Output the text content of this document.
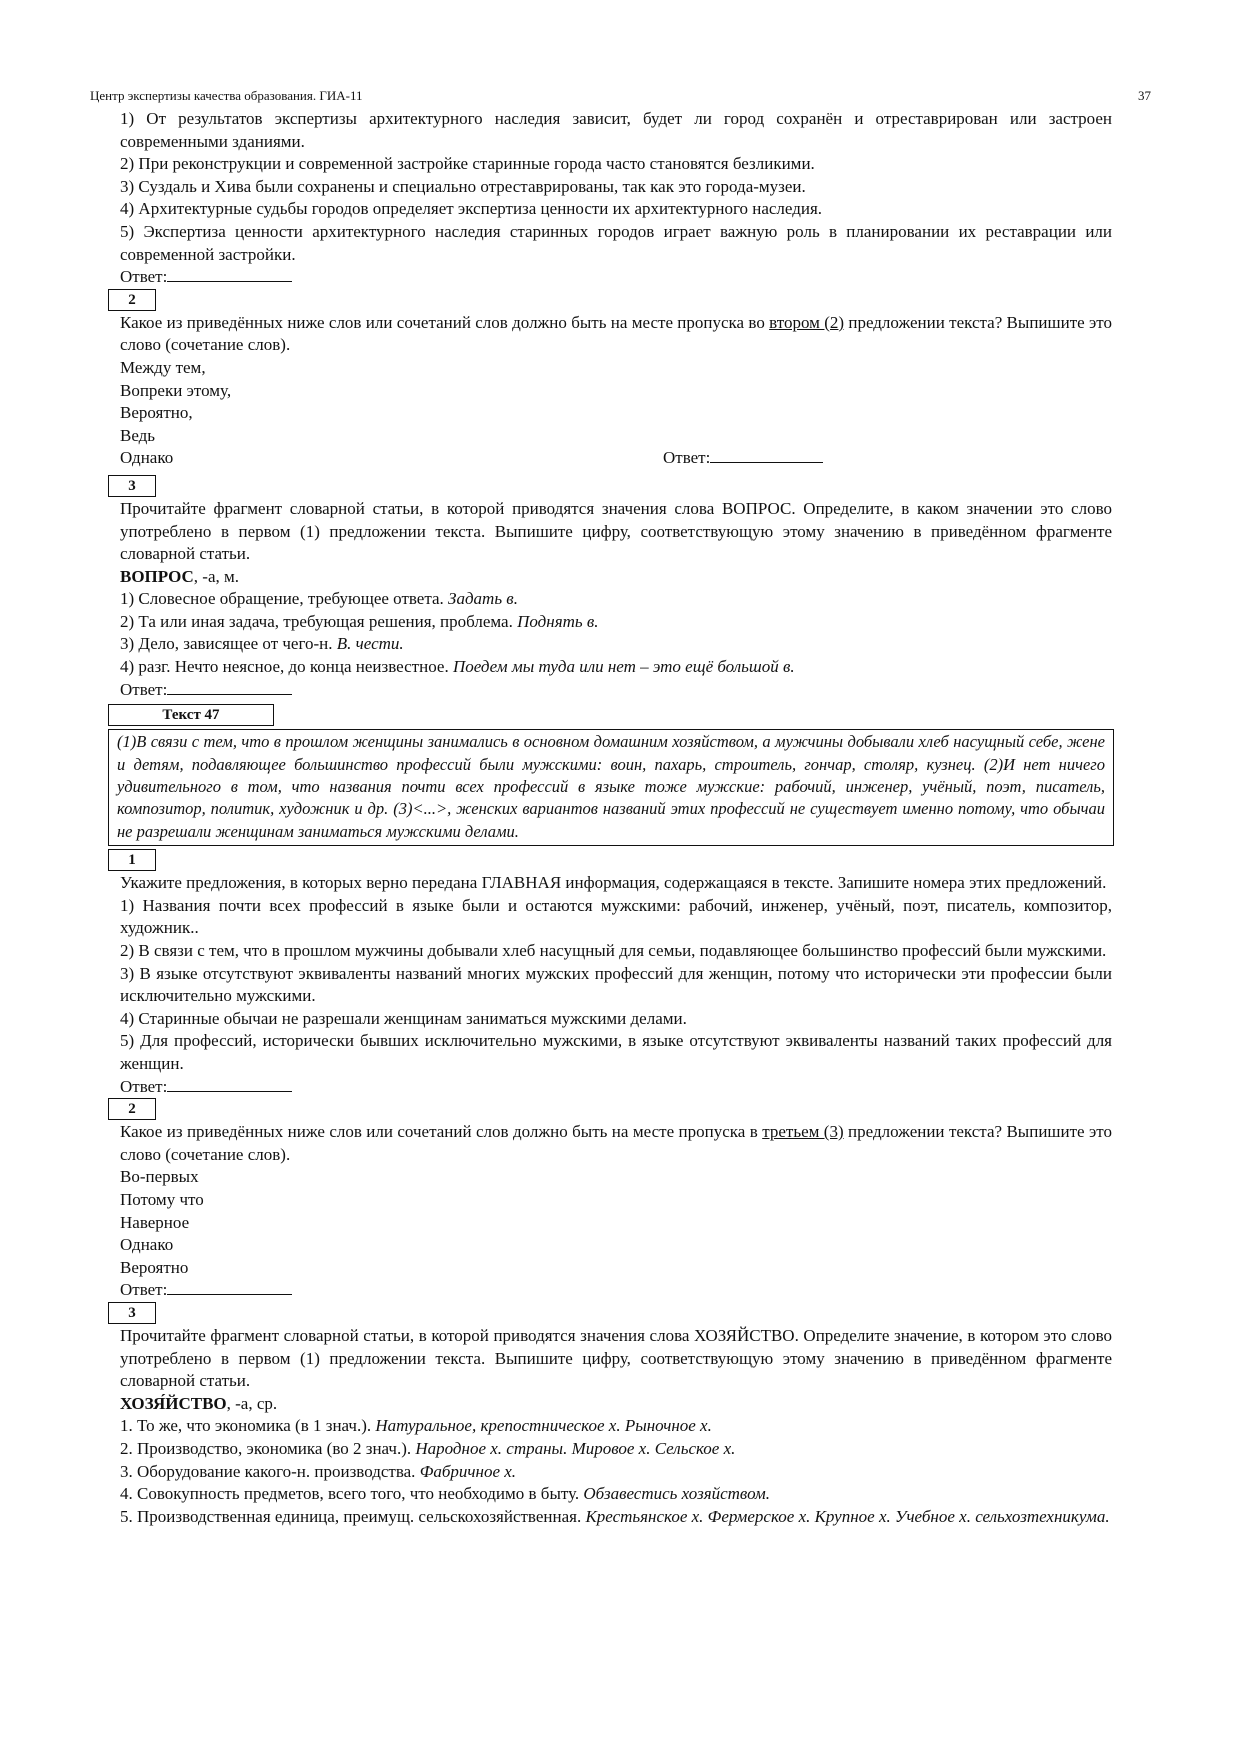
Центр экспертизы качества образования. ГИА-11	37

1) От результатов экспертизы архитектурного наследия зависит, будет ли город сохранён и отреставрирован или застроен современными зданиями.

2) При реконструкции и современной застройке старинные города часто становятся безликими.

3) Суздаль и Хива были сохранены и специально отреставрированы, так как это города-музеи.

4) Архитектурные судьбы городов определяет экспертиза ценности их архитектурного наследия.

5) Экспертиза ценности архитектурного наследия старинных городов играет важную роль в планировании их реставрации или современной застройки.

Ответ:
2

Какое из приведённых ниже слов или сочетаний слов должно быть на месте пропуска во втором (2) предложении текста? Выпишите это слово (сочетание слов).

Между тем,

Вопреки этому,

Вероятно,

Ведь

Однако	Ответ:
3

Прочитайте фрагмент словарной статьи, в которой приводятся значения слова ВОПРОС. Определите, в каком значении это слово употреблено в первом (1) предложении текста. Выпишите цифру, соответствующую этому значению в приведённом фрагменте словарной статьи.

ВОПРОС, -а, м.

1) Словесное обращение, требующее ответа. Задать в.

2) Та или иная задача, требующая решения, проблема. Поднять в.

3) Дело, зависящее от чего-н. В. чести.

4) разг. Нечто неясное, до конца неизвестное. Поедем мы туда или нет – это ещё большой в.

Ответ:
Текст 47
(1)В связи с тем, что в прошлом женщины занимались в основном домашним хозяйством, а мужчины добывали хлеб насущный себе, жене и детям, подавляющее большинство профессий были мужскими: воин, пахарь, строитель, гончар, столяр, кузнец. (2)И нет ничего удивительного в том, что названия почти всех профессий в языке тоже мужские: рабочий, инженер, учёный, поэт, писатель, композитор, политик, художник и др. (3)<...>, женских вариантов названий этих профессий не существует именно потому, что обычаи не разрешали женщинам заниматься мужскими делами.
1

Укажите предложения, в которых верно передана ГЛАВНАЯ информация, содержащаяся в тексте. Запишите номера этих предложений.

1) Названия почти всех профессий в языке были и остаются мужскими: рабочий, инженер, учёный, поэт, писатель, композитор, художник..

2) В связи с тем, что в прошлом мужчины добывали хлеб насущный для семьи, подавляющее большинство профессий были мужскими.

3) В языке отсутствуют эквиваленты названий многих мужских профессий для женщин, потому что исторически эти профессии были исключительно мужскими.

4) Старинные обычаи не разрешали женщинам заниматься мужскими делами.

5) Для профессий, исторически бывших исключительно мужскими, в языке отсутствуют эквиваленты названий таких профессий для женщин.

Ответ:
2

Какое из приведённых ниже слов или сочетаний слов должно быть на месте пропуска в третьем (3) предложении текста? Выпишите это слово (сочетание слов).

Во-первых

Потому что

Наверное

Однако

Вероятно

Ответ:
3

Прочитайте фрагмент словарной статьи, в которой приводятся значения слова ХОЗЯЙСТВО. Определите значение, в котором это слово употреблено в первом (1) предложении текста. Выпишите цифру, соответствующую этому значению в приведённом фрагменте словарной статьи.

ХОЗЯ́ЙСТВО, -а, ср.

1. То же, что экономика (в 1 знач.). Натуральное, крепостническое х. Рыночное х.

2. Производство, экономика (во 2 знач.). Народное х. страны. Мировое х. Сельское х.

3. Оборудование какого-н. производства. Фабричное х.

4. Совокупность предметов, всего того, что необходимо в быту. Обзавестись хозяйством.

5. Производственная единица, преимущ. сельскохозяйственная. Крестьянское х. Фермерское х. Крупное х. Учебное х. сельхозтехникума.
